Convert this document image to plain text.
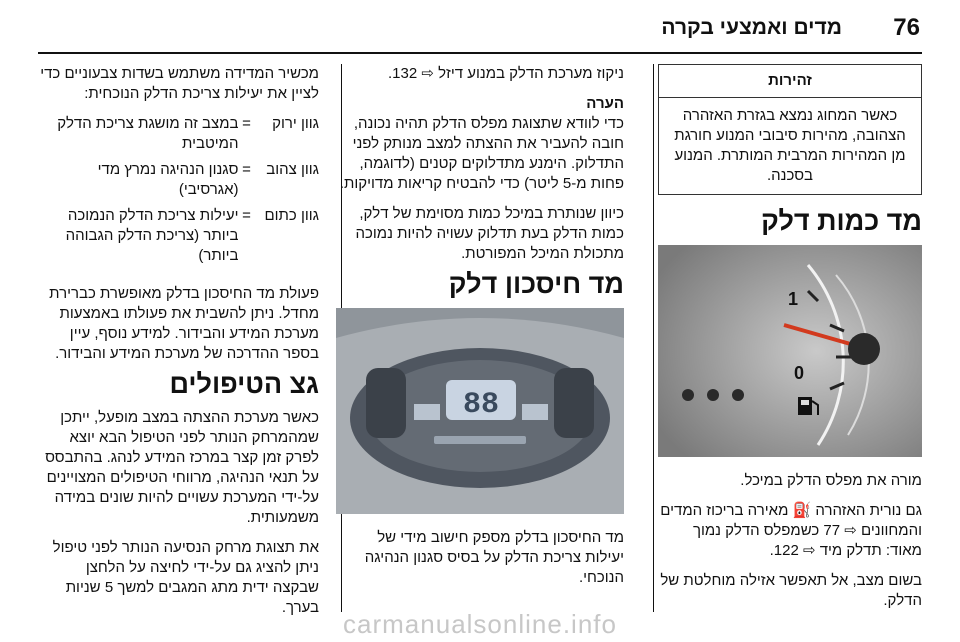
76
מדים ואמצעי בקרה
זהירות
כאשר המחוג נמצא בגזרת האזהרה הצהובה, מהירות סיבובי המנוע חורגת מן המהירות המרבית המותרת. המנוע בסכנה.
מד כמות דלק
1
0

מורה את מפלס הדלק במיכל.

גם נורית האזהרה ⛽ מאירה בריכוז המדים והמחוונים ⇨ 77 כשמפלס הדלק נמוך מאוד: תדלק מיד ⇨ 122.

בשום מצב, אל תאפשר אזילה מוחלטת של הדלק.

ניקוז מערכת הדלק במנוע דיזל ⇨ 132.

הערה

כדי לוודא שתצוגת מפלס הדלק תהיה נכונה, חובה להעביר את ההצתה למצב מנותק לפני התדלוק. הימנע מתדלוקים קטנים (לדוגמה, פחות מ-5 ליטר) כדי להבטיח קריאות מדויקות.

כיוון שנותרת במיכל כמות מסוימת של דלק, כמות הדלק בעת תדלוק עשויה להיות נמוכה מתכולת המיכל המפורטת.

מד חיסכון דלק
88

מד החיסכון בדלק מספק חישוב מידי של יעילות צריכת הדלק על בסיס סגנון הנהיגה הנוכחי.

מכשיר המדידה משתמש בשדות צבעוניים כדי לציין את יעילות צריכת הדלק הנוכחית:

גוון ירוק	=	במצב זה מושגת צריכת הדלק המיטבית
גוון צהוב	=	סגנון הנהיגה נמרץ מדי (אגרסיבי)
גוון כתום	=	יעילות צריכת הדלק הנמוכה ביותר (צריכת הדלק הגבוהה ביותר)

פעולת מד החיסכון בדלק מאופשרת כברירת מחדל. ניתן להשבית את פעולתו באמצעות מערכת המידע והבידור. למידע נוסף, עיין בספר ההדרכה של מערכת המידע והבידור.

גצ הטיפולים

כאשר מערכת ההצתה במצב מופעל, ייתכן שמהמרחק הנותר לפני הטיפול הבא יוצא לפרק זמן קצר במרכז המידע לנהג. בהתבסס על תנאי הנהיגה, מרווחי הטיפולים המצויינים על-ידי המערכת עשויים להיות שונים במידה משמעותית.

את תצוגת מרחק הנסיעה הנותר לפני טיפול ניתן להציג גם על-ידי לחיצה על הלחצן שבקצה ידית מתג המגבים למשך 5 שניות בערך.

carmanualsonline.info
